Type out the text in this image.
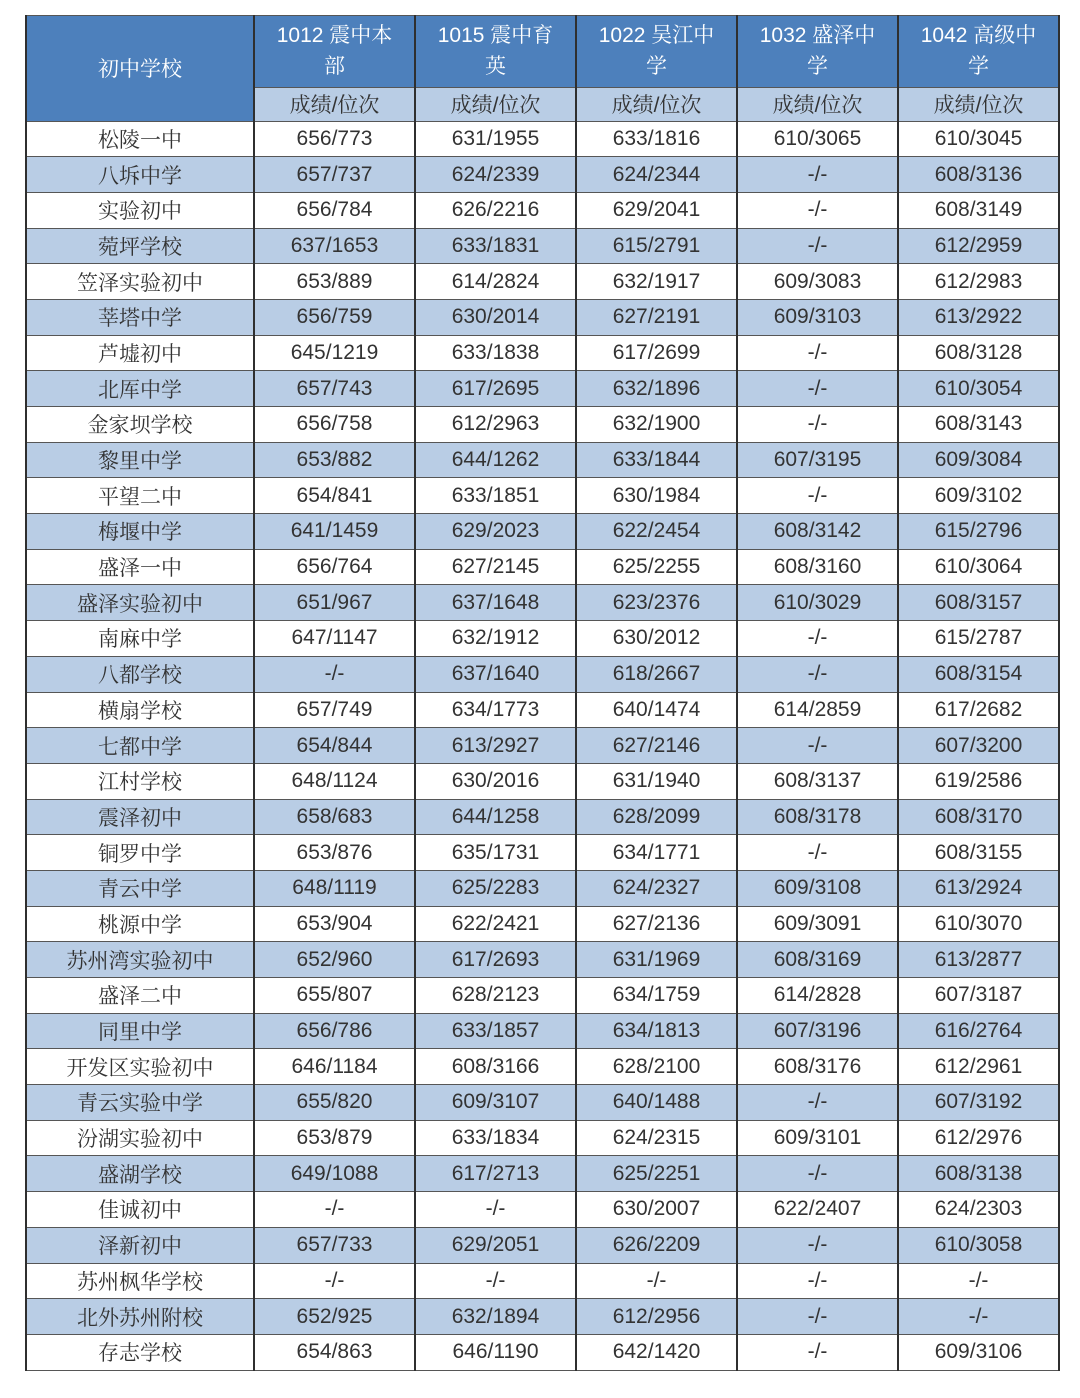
初中学校	1012 震中本部	1015 震中育英	1022 吴江中学	1032 盛泽中学	1042 高级中学
	成绩/位次	成绩/位次	成绩/位次	成绩/位次	成绩/位次
松陵一中	656/773	631/1955	633/1816	610/3065	610/3045
八坼中学	657/737	624/2339	624/2344	-/-	608/3136
实验初中	656/784	626/2216	629/2041	-/-	608/3149
菀坪学校	637/1653	633/1831	615/2791	-/-	612/2959
笠泽实验初中	653/889	614/2824	632/1917	609/3083	612/2983
莘塔中学	656/759	630/2014	627/2191	609/3103	613/2922
芦墟初中	645/1219	633/1838	617/2699	-/-	608/3128
北厍中学	657/743	617/2695	632/1896	-/-	610/3054
金家坝学校	656/758	612/2963	632/1900	-/-	608/3143
黎里中学	653/882	644/1262	633/1844	607/3195	609/3084
平望二中	654/841	633/1851	630/1984	-/-	609/3102
梅堰中学	641/1459	629/2023	622/2454	608/3142	615/2796
盛泽一中	656/764	627/2145	625/2255	608/3160	610/3064
盛泽实验初中	651/967	637/1648	623/2376	610/3029	608/3157
南麻中学	647/1147	632/1912	630/2012	-/-	615/2787
八都学校	-/-	637/1640	618/2667	-/-	608/3154
横扇学校	657/749	634/1773	640/1474	614/2859	617/2682
七都中学	654/844	613/2927	627/2146	-/-	607/3200
江村学校	648/1124	630/2016	631/1940	608/3137	619/2586
震泽初中	658/683	644/1258	628/2099	608/3178	608/3170
铜罗中学	653/876	635/1731	634/1771	-/-	608/3155
青云中学	648/1119	625/2283	624/2327	609/3108	613/2924
桃源中学	653/904	622/2421	627/2136	609/3091	610/3070
苏州湾实验初中	652/960	617/2693	631/1969	608/3169	613/2877
盛泽二中	655/807	628/2123	634/1759	614/2828	607/3187
同里中学	656/786	633/1857	634/1813	607/3196	616/2764
开发区实验初中	646/1184	608/3166	628/2100	608/3176	612/2961
青云实验中学	655/820	609/3107	640/1488	-/-	607/3192
汾湖实验初中	653/879	633/1834	624/2315	609/3101	612/2976
盛湖学校	649/1088	617/2713	625/2251	-/-	608/3138
佳诚初中	-/-	-/-	630/2007	622/2407	624/2303
泽新初中	657/733	629/2051	626/2209	-/-	610/3058
苏州枫华学校	-/-	-/-	-/-	-/-	-/-
北外苏州附校	652/925	632/1894	612/2956	-/-	-/-
存志学校	654/863	646/1190	642/1420	-/-	609/3106
